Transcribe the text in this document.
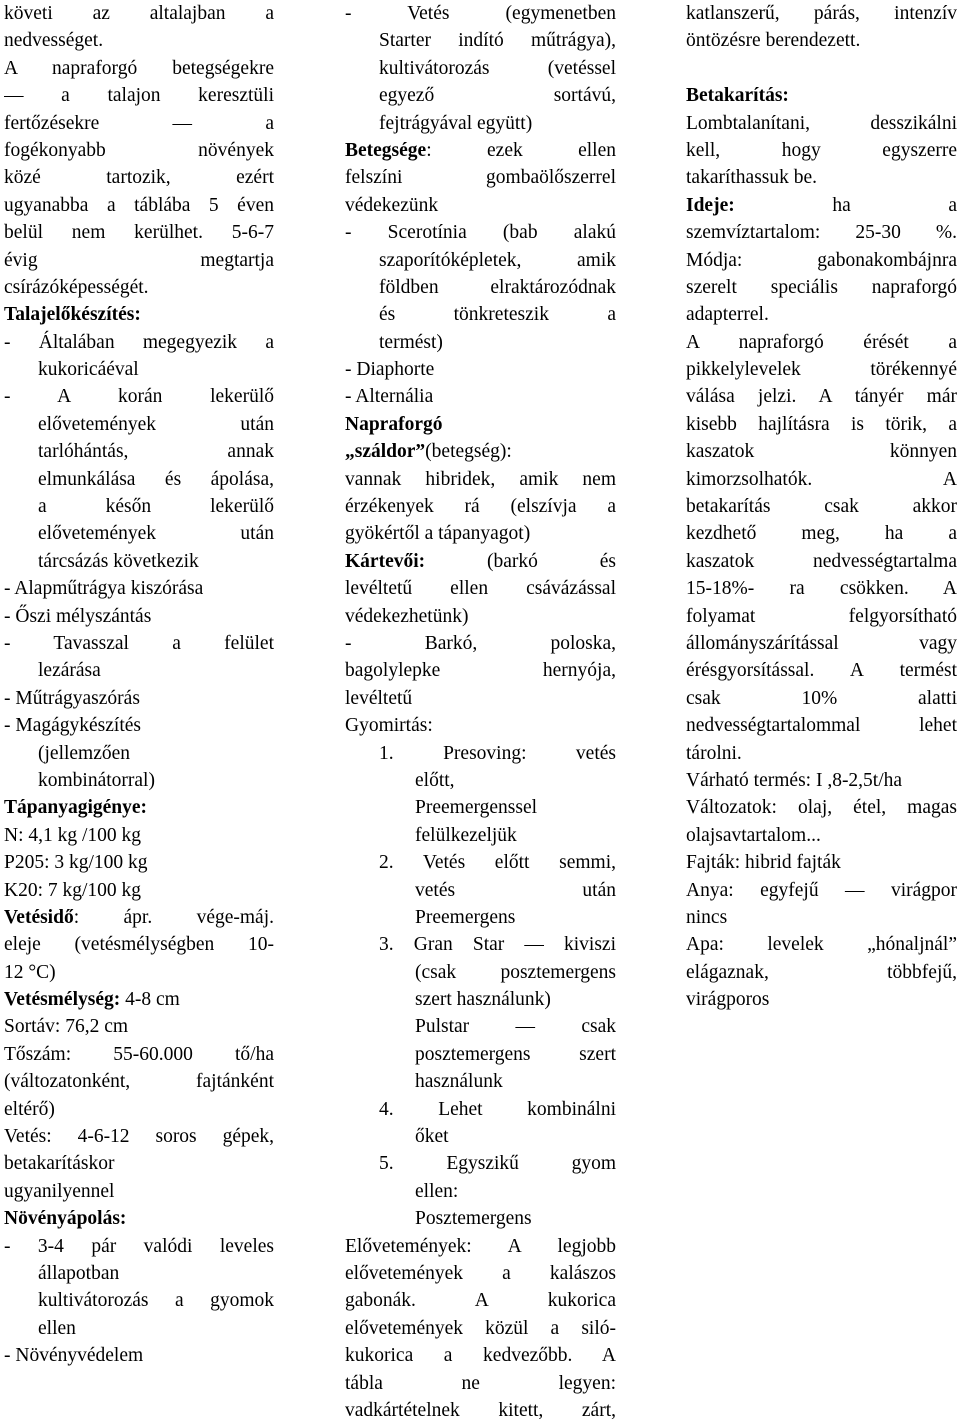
követi az altalajban a
nedvességet.
A napraforgó betegségekre
— a talajon keresztüli
fertőzésekre — a
fogékonyabb növények
közé tartozik, ezért
ugyanabba a táblába 5 éven
belül nem kerülhet. 5-6-7
évig megtartja
csírázóképességét.
Talajelőkészítés:
- Általában megegyezik a
kukoricáéval
- A korán lekerülő
elővetemények után
tarlóhántás, annak
elmunkálása és ápolása,
a későn lekerülő
elővetemények után
tárcsázás következik
- Alapműtrágya kiszórása
- Őszi mélyszántás
- Tavasszal a felület
lezárása
- Műtrágyaszórás
- Magágykészítés
(jellemzően
kombinátorral)
Tápanyagigénye:
N: 4,1 kg /100 kg
P205: 3 kg/100 kg
K20: 7 kg/100 kg
Vetésidő: ápr. vége-máj.
eleje (vetésmélységben 10-
12 °C)
Vetésmélység: 4-8 cm
Sortáv: 76,2 cm
Tőszám: 55-60.000 tő/ha
(változatonként, fajtánként
eltérő)
Vetés: 4-6-12 soros gépek,
betakarításkor
ugyanilyennel
Növényápolás:
- 3-4 pár valódi leveles
állapotban
kultivátorozás a gyomok
ellen
- Növényvédelem
- Vetés (egymenetben
Starter indító műtrágya),
kultivátorozás (vetéssel
egyező sortávú,
fejtrágyával együtt)
Betegsége: ezek ellen
felszíni gombaölőszerrel
védekezünk
- Scerotínia (bab alakú
szaporítóképletek, amik
földben elraktározódnak
és tönkreteszik a
termést)
- Diaphorte
- Alternália
Napraforgó
„száldor”(betegség):
vannak hibridek, amik nem
érzékenyek rá (elszívja a
gyökértől a tápanyagot)
Kártevői: (barkó és
levéltetű ellen csávázással
védekezhetünk)
- Barkó, poloska,
bagolylepke hernyója,
levéltetű
Gyomirtás:
1. Presoving: vetés
előtt,
Preemergenssel
felülkezeljük
2. Vetés előtt semmi,
vetés után
Preemergens
3. Gran Star — kiviszi
(csak posztemergens
szert használunk)
Pulstar — csak
posztemergens szert
használunk
4. Lehet kombinálni
őket
5. Egyszikű gyom
ellen:
Posztemergens
Elővetemények: A legjobb
elővetemények a kalászos
gabonák. A kukorica
elővetemények közül a siló-
kukorica a kedvezőbb. A
tábla ne legyen:
vadkártételnek kitett, zárt,
katlanszerű, párás, intenzív
öntözésre berendezett.
Betakarítás:
Lombtalanítani, desszikálni
kell, hogy egyszerre
takaríthassuk be.
Ideje: ha a
szemvíztartalom: 25-30 %.
Módja: gabonakombájnra
szerelt speciális napraforgó
adapterrel.
A napraforgó érését a
pikkelylevelek törékennyé
válása jelzi. A tányér már
kisebb hajlításra is törik, a
kaszatok könnyen
kimorzsolhatók. A
betakarítás csak akkor
kezdhető meg, ha a
kaszatok nedvességtartalma
15-18%- ra csökken. A
folyamat felgyorsítható
állományszárítással vagy
érésgyorsítással. A termést
csak 10% alatti
nedvességtartalommal lehet
tárolni.
Várható termés: I ,8-2,5t/ha
Változatok: olaj, étel, magas
olajsavtartalom...
Fajták: hibrid fajták
Anya: egyfejű — virágpor
nincs
Apa: levelek „hónaljnál”
elágaznak, többfejű,
virágporos
